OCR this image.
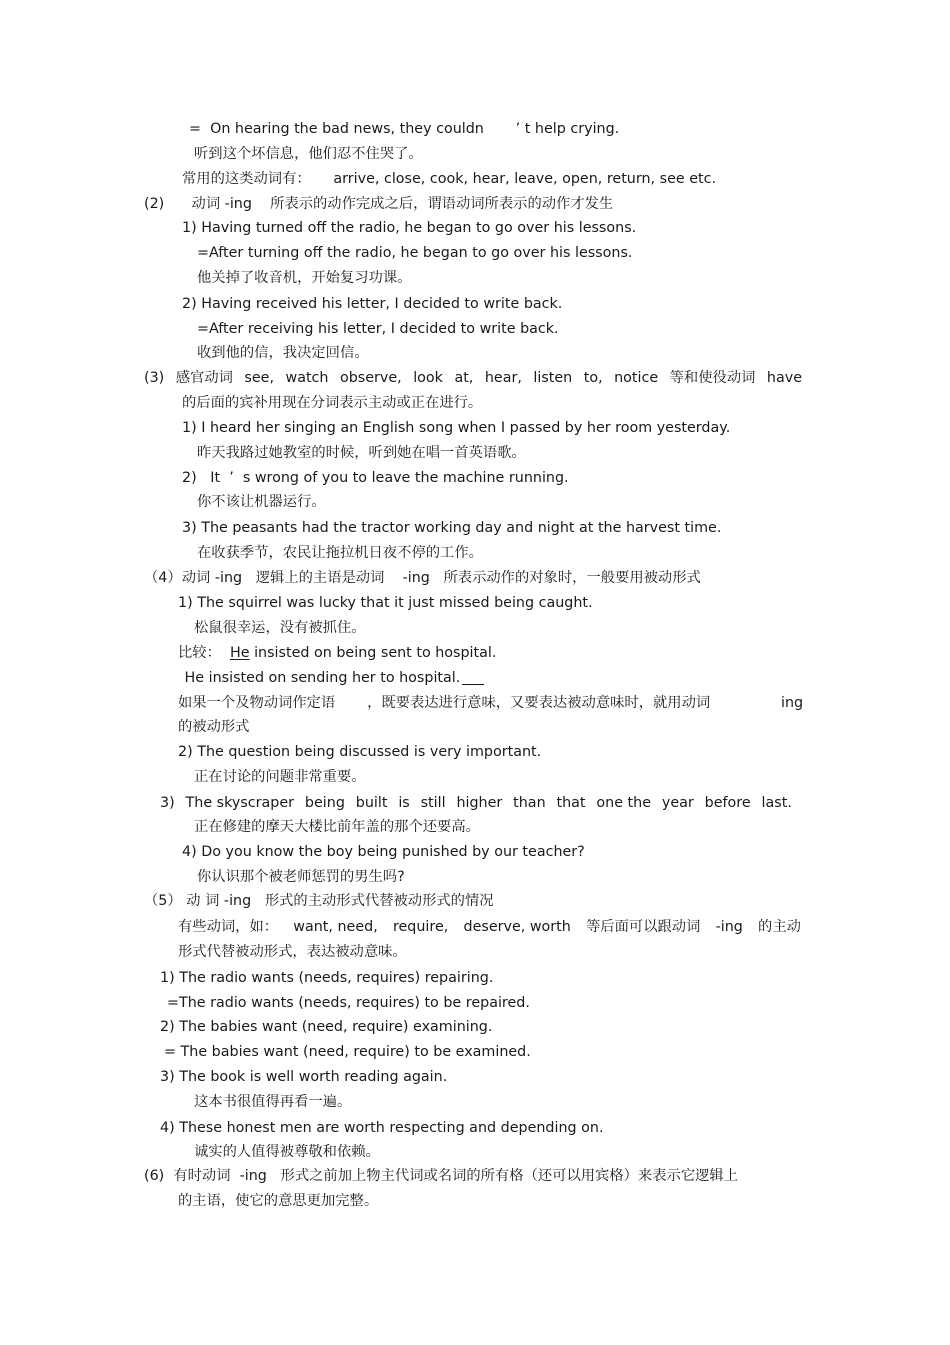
=  On hearing the bad news, they couldn       ’ t help crying.
听到这个坏信息，他们忍不住哭了。
常用的这类动词有：     arrive, close, cook, hear, leave, open, return, see etc.
(2)      动词 -ing    所表示的动作完成之后，谓语动词所表示的动作才发生
1) Having turned off the radio, he began to go over his lessons.
=After turning off the radio, he began to go over his lessons.
他关掉了收音机，开始复习功课。
2) Having received his letter, I decided to write back.
=After receiving his letter, I decided to write back.
收到他的信，我决定回信。
(3) 感官动词 see, watch observe, look at, hear, listen to, notice 等和使役动词 have
的后面的宾补用现在分词表示主动或正在进行。
1) I heard her singing an English song when I passed by her room yesterday.
昨天我路过她教室的时候，听到她在唱一首英语歌。
2)   It  ’  s wrong of you to leave the machine running.
你不该让机器运行。
3) The peasants had the tractor working day and night at the harvest time.
在收获季节，农民让拖拉机日夜不停的工作。
（4）动词 -ing   逻辑上的主语是动词    -ing   所表示动作的对象时，一般要用被动形式
1) The squirrel was lucky that it just missed being caught.
松鼠很幸运，没有被抓住。
比较：  He insisted on being sent to hospital.
He insisted on sending her to hospital.
如果一个及物动词作定语       ，既要表达进行意味，又要表达被动意味时，就用动词	ing
的被动形式
2) The question being discussed is very important.
正在讨论的问题非常重要。
3) The skyscraper being built is still higher than that one the year before last.
正在修建的摩天大楼比前年盖的那个还要高。
4) Do you know the boy being punished by our teacher?
你认识那个被老师惩罚的男生吗?
（5） 动 词 -ing   形式的主动形式代替被动形式的情况
有些动词，如： want, need, require, deserve, worth 等后面可以跟动词 -ing 的主动
形式代替被动形式，表达被动意味。
1) The radio wants (needs, requires) repairing.
=The radio wants (needs, requires) to be repaired.
2) The babies want (need, require) examining.
= The babies want (need, require) to be examined.
3) The book is well worth reading again.
这本书很值得再看一遍。
4) These honest men are worth respecting and depending on.
诚实的人值得被尊敬和依赖。
(6)  有时动词  -ing   形式之前加上物主代词或名词的所有格（还可以用宾格）来表示它逻辑上
的主语，使它的意思更加完整。
